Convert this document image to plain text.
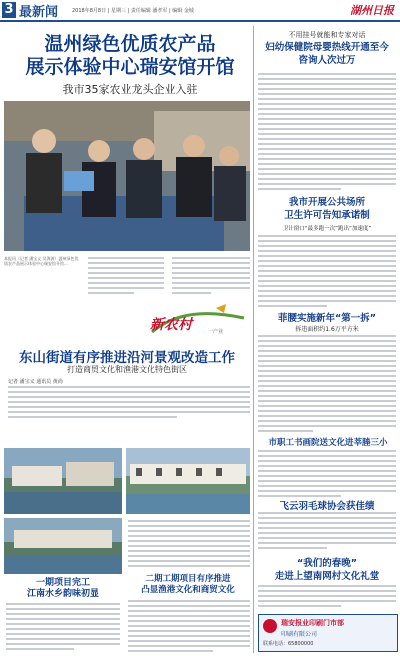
3 最新闻	2018年8月8日 | 星期三 | 责任编辑 潘孝军 | 编辑 金城	湖州日报
温州绿色优质农产品
展示体验中心瑞安馆开馆
我市35家农业龙头企业入驻
本报讯（记者 潘宝义 吴海波）温州绿色优质农产品展示体验中心瑞安馆开馆...
新农村	一产业
东山街道有序推进沿河景观改造工作
打造商贸文化和渔港文化特色街区
记者 潘宝义 通讯员 黄尚
一期项目完工
江南水乡韵味初显
二期工期项目有序推进
凸显渔港文化和商贸文化
不用挂号就能和专家对话
妇幼保健院母婴热线开通至今
咨询人次过万
我市开展公共场所
卫生许可告知承诺制
卫计窗口“最多跑一次”跑出“加速度”
菲腰实施新年“第一拆”
拆违面积约1.6万平方米
市职工书画院送文化进莘塍三小
飞云羽毛球协会获佳绩
“我们的春晚”
走进上望南网村文化礼堂
瑞安报业印刷门市部
印刷有限公司
联系电话：65800000
